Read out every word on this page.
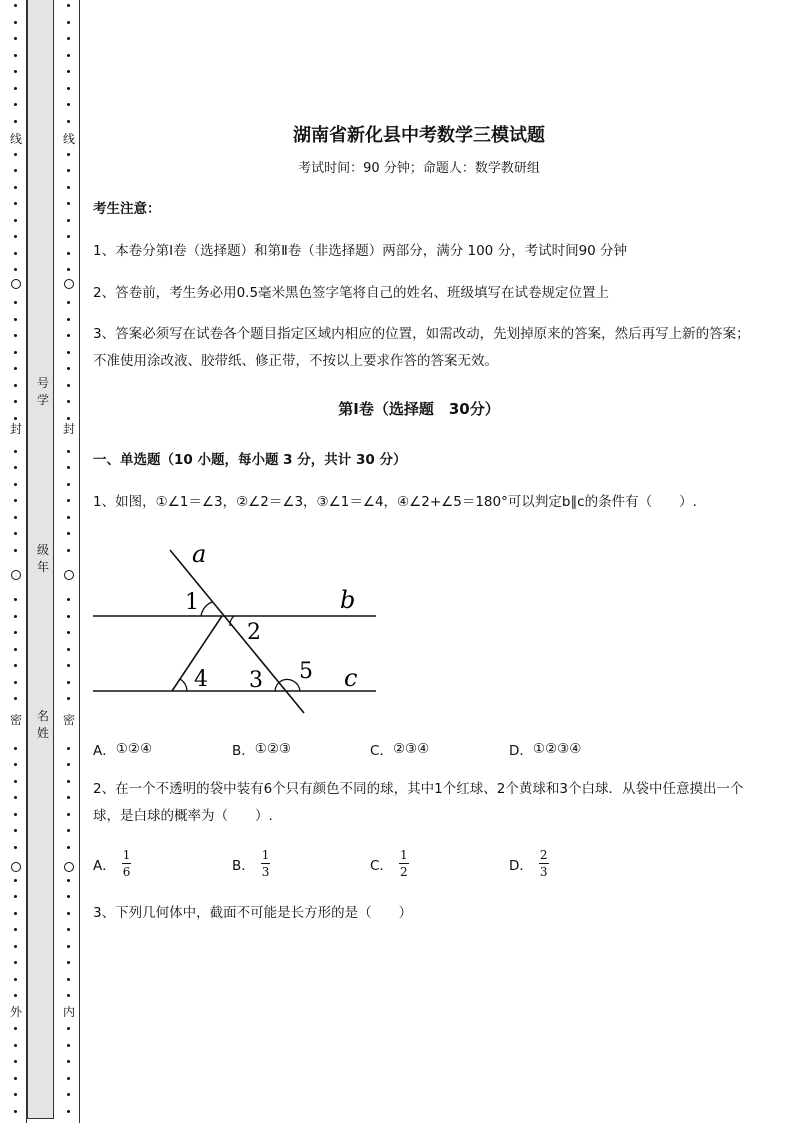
线
封
密
外
线
封
密
内
号
学
级
年
名
姓
湖南省新化县中考数学三模试题
考试时间：90 分钟；命题人：数学教研组
考生注意：
1、本卷分第Ⅰ卷（选择题）和第Ⅱ卷（非选择题）两部分，满分 100 分，考试时间90 分钟
2、答卷前，考生务必用0.5毫米黑色签字笔将自己的姓名、班级填写在试卷规定位置上
3、答案必须写在试卷各个题目指定区域内相应的位置，如需改动，先划掉原来的答案，然后再写上新的答案；不准使用涂改液、胶带纸、修正带，不按以上要求作答的答案无效。
第Ⅰ卷（选择题　30分）
一、单选题（10 小题，每小题 3 分，共计 30 分）
1、如图，①∠1＝∠3，②∠2＝∠3，③∠1＝∠4，④∠2+∠5＝180°可以判定b∥c的条件有（　　）.
a
b
c
1
2
3
4	5
A． ①②④	B． ①②③	C． ②③④	D． ①②③④
2、在一个不透明的袋中装有6个只有颜色不同的球，其中1个红球、2个黄球和3个白球．从袋中任意摸出一个球，是白球的概率为（　　）.
A． $\frac{1}{6}$	B． $\frac{1}{3}$	C． $\frac{1}{2}$	D． $\frac{2}{3}$
3、下列几何体中，截面不可能是长方形的是（　　）
